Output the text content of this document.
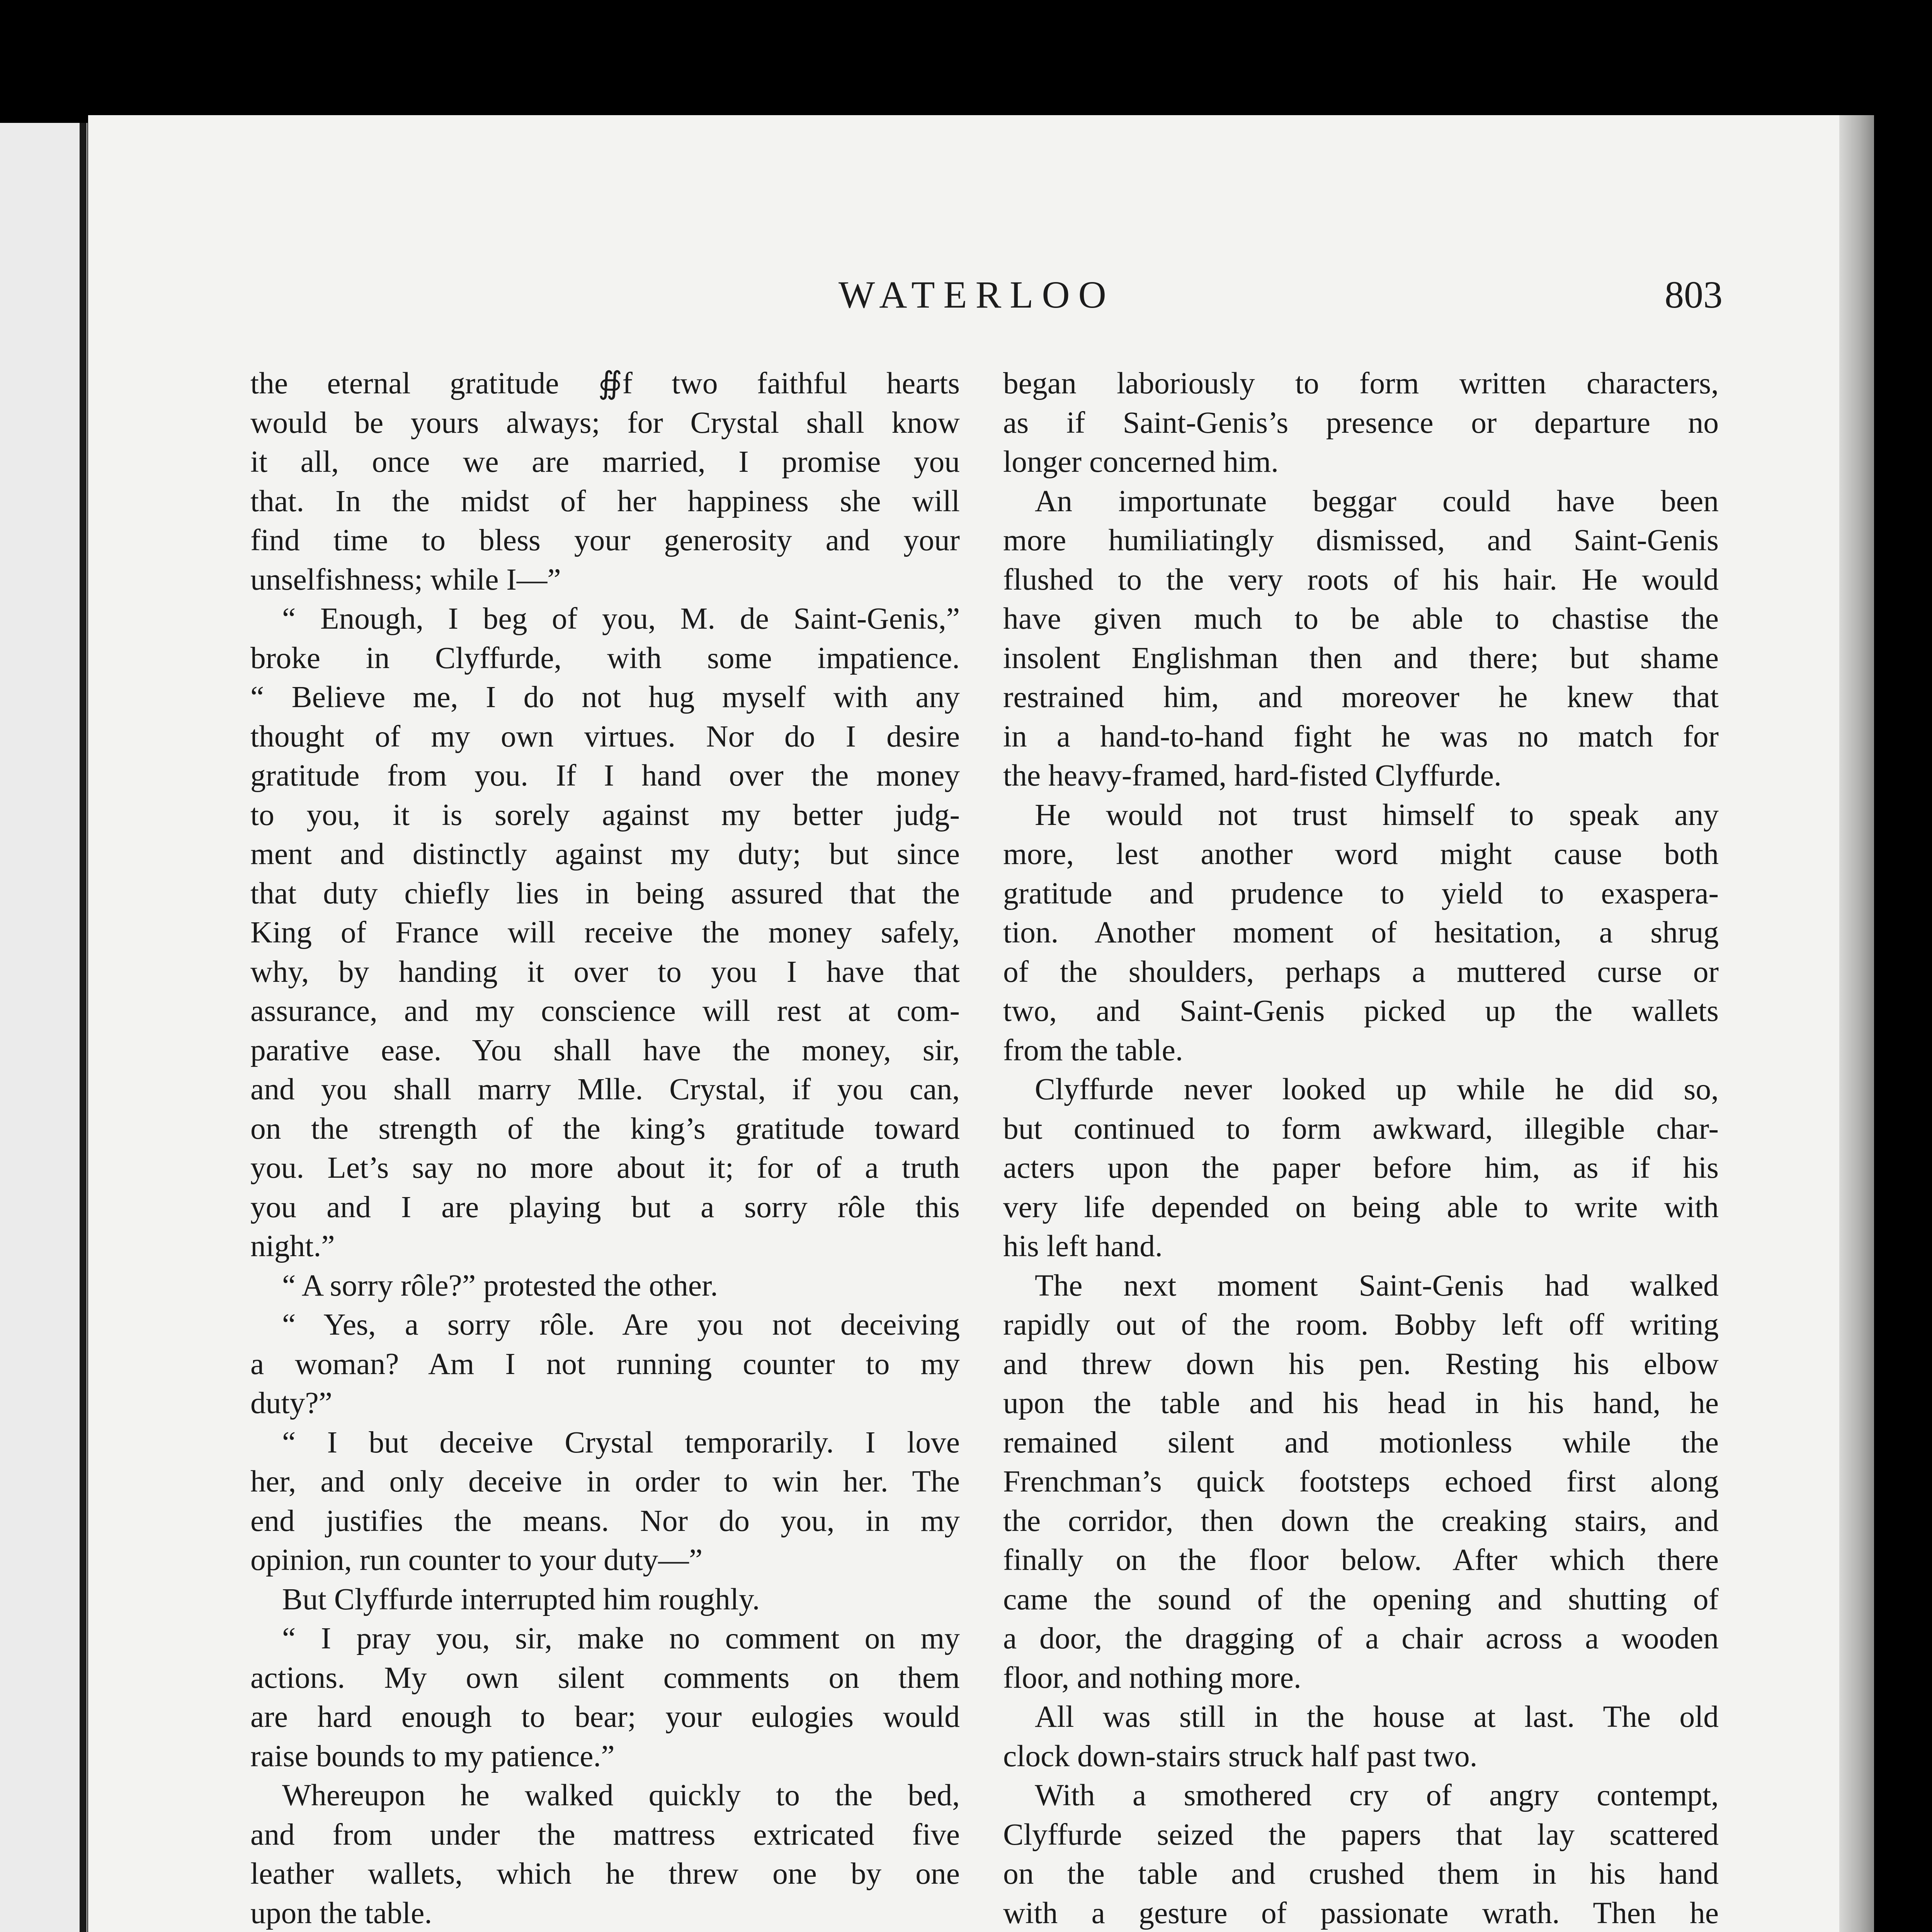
WATERLOO	803
the eternal gratitude ∯f two faithful hearts
would be yours always; for Crystal shall know
it all, once we are married, I promise you
that. In the midst of her happiness she will
find time to bless your generosity and your
unselfishness; while I—”
“ Enough, I beg of you, M. de Saint-Genis,”
broke in Clyffurde, with some impatience.
“ Believe me, I do not hug myself with any
thought of my own virtues. Nor do I desire
gratitude from you. If I hand over the money
to you, it is sorely against my better judg-
ment and distinctly against my duty; but since
that duty chiefly lies in being assured that the
King of France will receive the money safely,
why, by handing it over to you I have that
assurance, and my conscience will rest at com-
parative ease. You shall have the money, sir,
and you shall marry Mlle. Crystal, if you can,
on the strength of the king’s gratitude toward
you. Let’s say no more about it; for of a truth
you and I are playing but a sorry rôle this
night.”
“ A sorry rôle?” protested the other.
“ Yes, a sorry rôle. Are you not deceiving
a woman? Am I not running counter to my
duty?”
“ I but deceive Crystal temporarily. I love
her, and only deceive in order to win her. The
end justifies the means. Nor do you, in my
opinion, run counter to your duty—”
But Clyffurde interrupted him roughly.
“ I pray you, sir, make no comment on my
actions. My own silent comments on them
are hard enough to bear; your eulogies would
raise bounds to my patience.”
Whereupon he walked quickly to the bed,
and from under the mattress extricated five
leather wallets, which he threw one by one
upon the table.
began laboriously to form written characters,
as if Saint-Genis’s presence or departure no
longer concerned him.
An importunate beggar could have been
more humiliatingly dismissed, and Saint-Genis
flushed to the very roots of his hair. He would
have given much to be able to chastise the
insolent Englishman then and there; but shame
restrained him, and moreover he knew that
in a hand-to-hand fight he was no match for
the heavy-framed, hard-fisted Clyffurde.
He would not trust himself to speak any
more, lest another word might cause both
gratitude and prudence to yield to exaspera-
tion. Another moment of hesitation, a shrug
of the shoulders, perhaps a muttered curse or
two, and Saint-Genis picked up the wallets
from the table.
Clyffurde never looked up while he did so,
but continued to form awkward, illegible char-
acters upon the paper before him, as if his
very life depended on being able to write with
his left hand.
The next moment Saint-Genis had walked
rapidly out of the room. Bobby left off writing
and threw down his pen. Resting his elbow
upon the table and his head in his hand, he
remained silent and motionless while the
Frenchman’s quick footsteps echoed first along
the corridor, then down the creaking stairs, and
finally on the floor below. After which there
came the sound of the opening and shutting of
a door, the dragging of a chair across a wooden
floor, and nothing more.
All was still in the house at last. The old
clock down-stairs struck half past two.
With a smothered cry of angry contempt,
Clyffurde seized the papers that lay scattered
on the table and crushed them in his hand
with a gesture of passionate wrath. Then he
